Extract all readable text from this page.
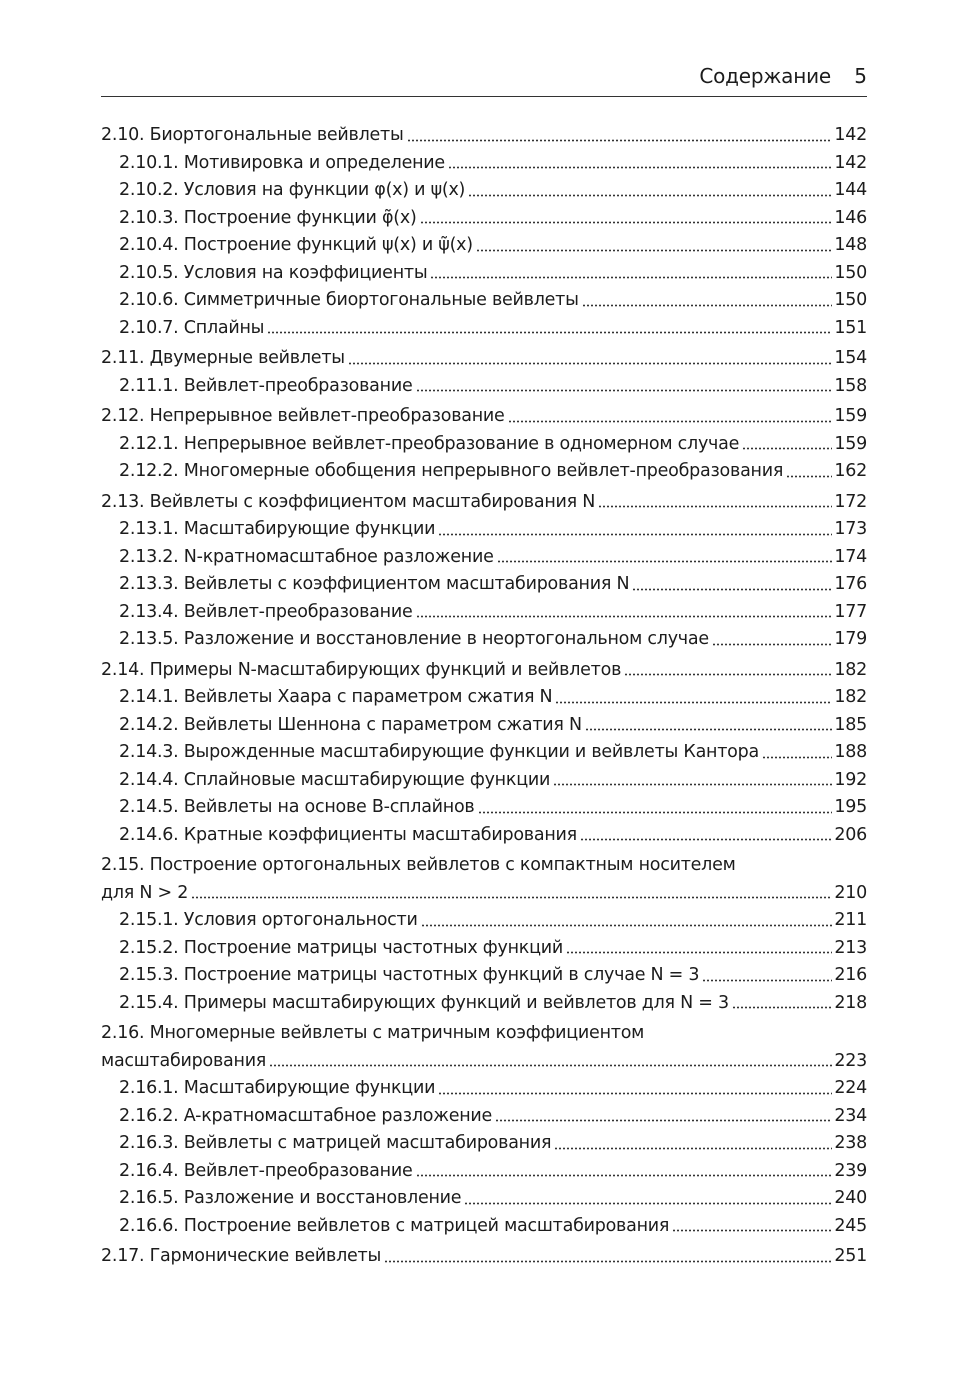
Содержание 5
2.10. Биортогональные вейвлеты	142
2.10.1. Мотивировка и определение	142
2.10.2. Условия на функции φ(x) и ψ(x)	144
2.10.3. Построение функции φ̃(x)	146
2.10.4. Построение функций ψ(x) и ψ̃(x)	148
2.10.5. Условия на коэффициенты	150
2.10.6. Симметричные биортогональные вейвлеты	150
2.10.7. Сплайны	151
2.11. Двумерные вейвлеты	154
2.11.1. Вейвлет-преобразование	158
2.12. Непрерывное вейвлет-преобразование	159
2.12.1. Непрерывное вейвлет-преобразование в одномерном случае	159
2.12.2. Многомерные обобщения непрерывного вейвлет-преобразования	162
2.13. Вейвлеты с коэффициентом масштабирования N	172
2.13.1. Масштабирующие функции	173
2.13.2. N-кратномасштабное разложение	174
2.13.3. Вейвлеты с коэффициентом масштабирования N	176
2.13.4. Вейвлет-преобразование	177
2.13.5. Разложение и восстановление в неортогональном случае	179
2.14. Примеры N-масштабирующих функций и вейвлетов	182
2.14.1. Вейвлеты Хаара с параметром сжатия N	182
2.14.2. Вейвлеты Шеннона с параметром сжатия N	185
2.14.3. Вырожденные масштабирующие функции и вейвлеты Кантора	188
2.14.4. Сплайновые масштабирующие функции	192
2.14.5. Вейвлеты на основе B-сплайнов	195
2.14.6. Кратные коэффициенты масштабирования	206
2.15. Построение ортогональных вейвлетов с компактным носителем
для N > 2	210
2.15.1. Условия ортогональности	211
2.15.2. Построение матрицы частотных функций	213
2.15.3. Построение матрицы частотных функций в случае N = 3	216
2.15.4. Примеры масштабирующих функций и вейвлетов для N = 3	218
2.16. Многомерные вейвлеты с матричным коэффициентом
масштабирования	223
2.16.1. Масштабирующие функции	224
2.16.2. A-кратномасштабное разложение	234
2.16.3. Вейвлеты с матрицей масштабирования	238
2.16.4. Вейвлет-преобразование	239
2.16.5. Разложение и восстановление	240
2.16.6. Построение вейвлетов с матрицей масштабирования	245
2.17. Гармонические вейвлеты	251
